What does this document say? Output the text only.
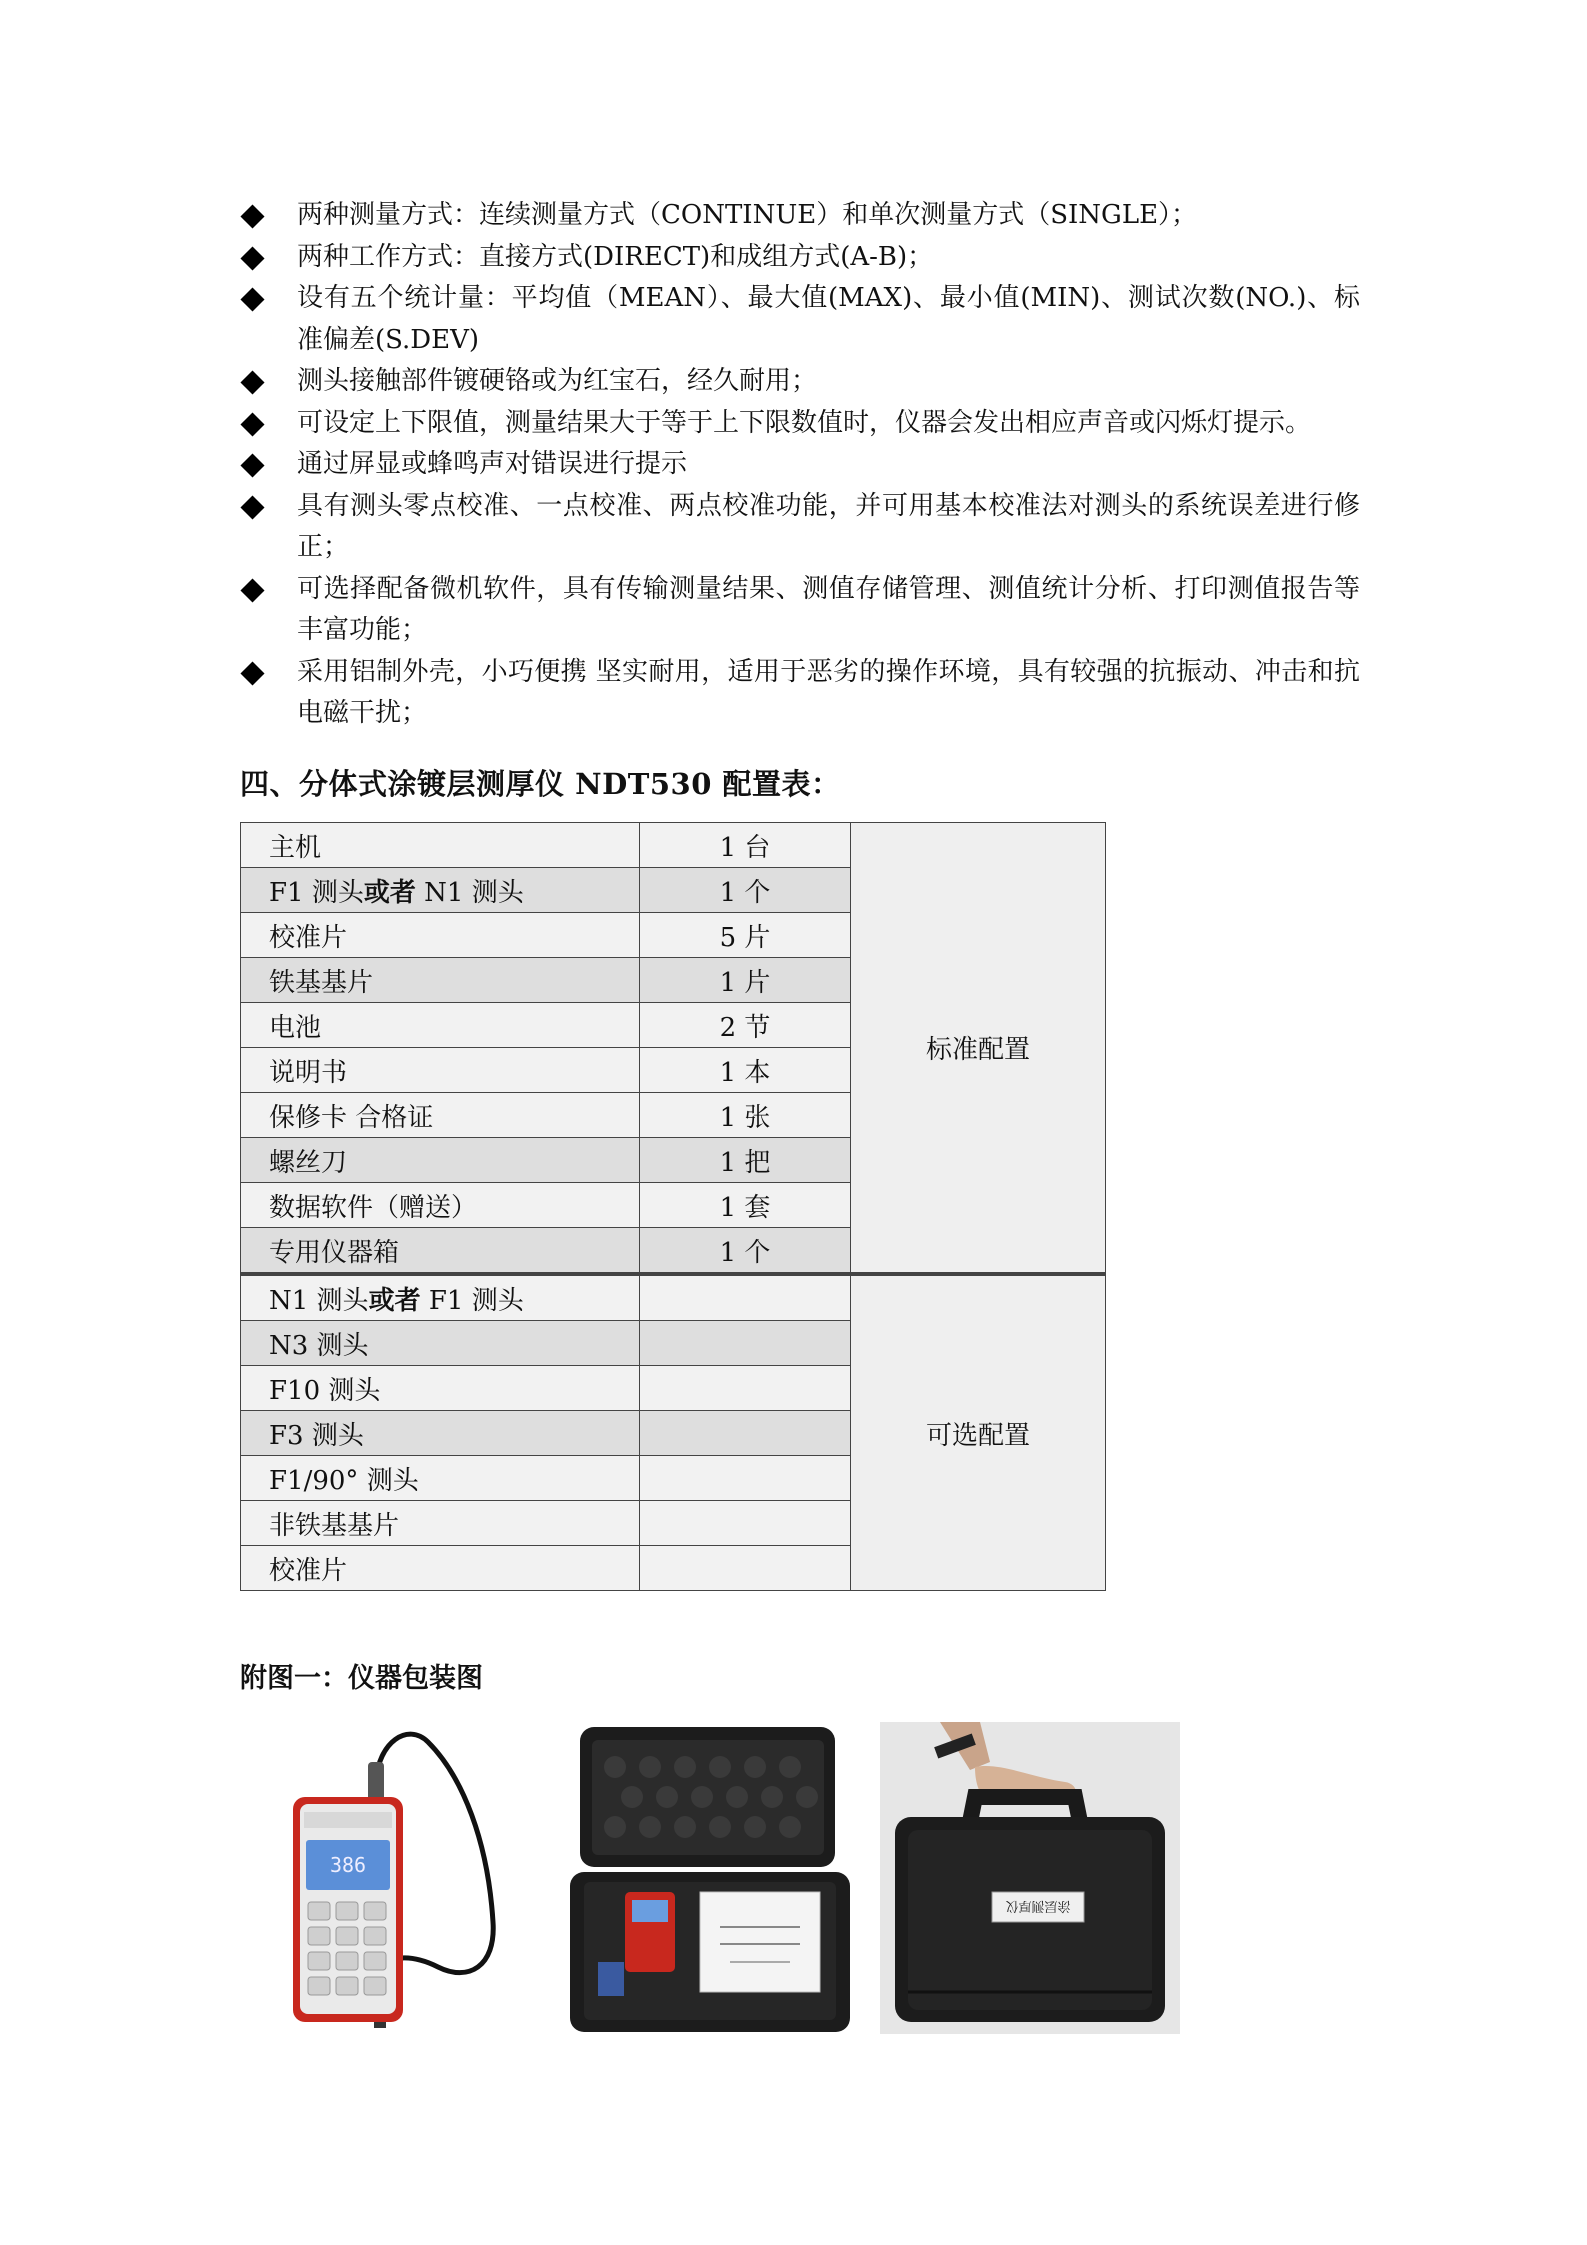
两种测量方式：连续测量方式（CONTINUE）和单次测量方式（SINGLE）；
两种工作方式：直接方式(DIRECT)和成组方式(A-B)；
设有五个统计量：平均值（MEAN）、最大值(MAX)、最小值(MIN)、测试次数(NO.)、标准偏差(S.DEV)
测头接触部件镀硬铬或为红宝石，经久耐用；
可设定上下限值，测量结果大于等于上下限数值时，仪器会发出相应声音或闪烁灯提示。
通过屏显或蜂鸣声对错误进行提示
具有测头零点校准、一点校准、两点校准功能，并可用基本校准法对测头的系统误差进行修正；
可选择配备微机软件，具有传输测量结果、测值存储管理、测值统计分析、打印测值报告等丰富功能；
采用铝制外壳，小巧便携 坚实耐用，适用于恶劣的操作环境，具有较强的抗振动、冲击和抗电磁干扰；
四、分体式涂镀层测厚仪 NDT530 配置表：
主机	1 台	标准配置
F1 测头或者 N1 测头	1 个	
校准片	5 片	
铁基基片	1 片	
电池	2 节	
说明书	1 本	
保修卡 合格证	1 张	
螺丝刀	1 把	
数据软件（赠送）	1 套	
专用仪器箱	1 个	
N1 测头或者 F1 测头		可选配置
N3 测头		
F10 测头		
F3 测头		
F1/90° 测头		
非铁基基片		
校准片		

附图一：仪器包装图

386
涂层测厚仪
